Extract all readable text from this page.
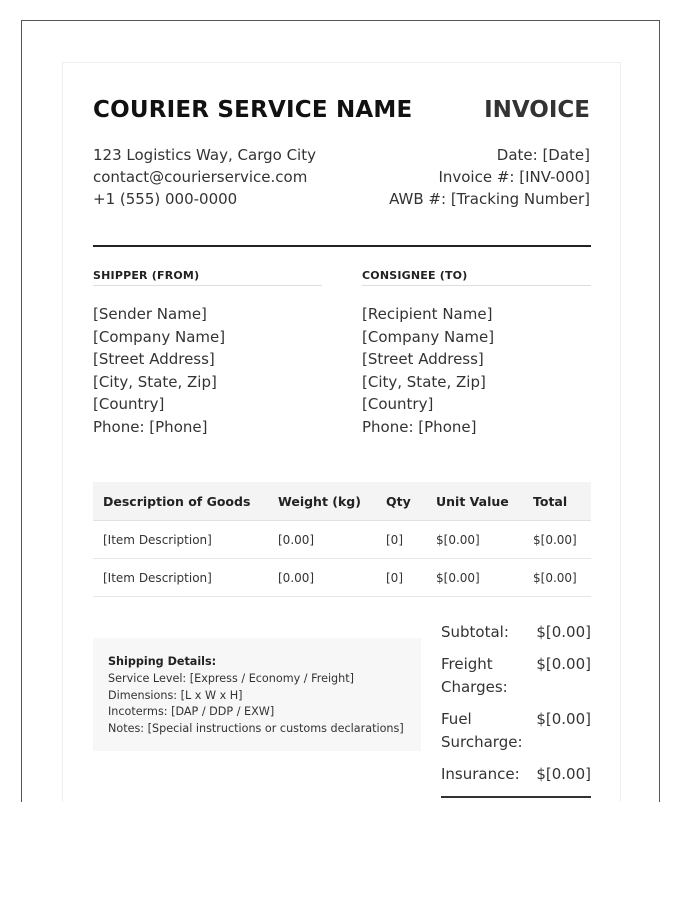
COURIER SERVICE NAME	INVOICE
123 Logistics Way, Cargo City
contact@courierservice.com
+1 (555) 000-0000
Date: [Date]
Invoice #: [INV-000]
AWB #: [Tracking Number]
SHIPPER (FROM)
[Sender Name]
[Company Name]
[Street Address]
[City, State, Zip]
[Country]
Phone: [Phone]
CONSIGNEE (TO)
[Recipient Name]
[Company Name]
[Street Address]
[City, State, Zip]
[Country]
Phone: [Phone]
Description of Goods	Weight (kg)	Qty	Unit Value	Total
[Item Description]	[0.00]	[0]	$[0.00]	$[0.00]
[Item Description]	[0.00]	[0]	$[0.00]	$[0.00]
Shipping Details:
Service Level: [Express / Economy / Freight]
Dimensions: [L x W x H]
Incoterms: [DAP / DDP / EXW]
Notes: [Special instructions or customs declarations]
Subtotal:	$[0.00]
Freight Charges:
$[0.00]
Fuel Surcharge:
$[0.00]
Insurance:	$[0.00]
